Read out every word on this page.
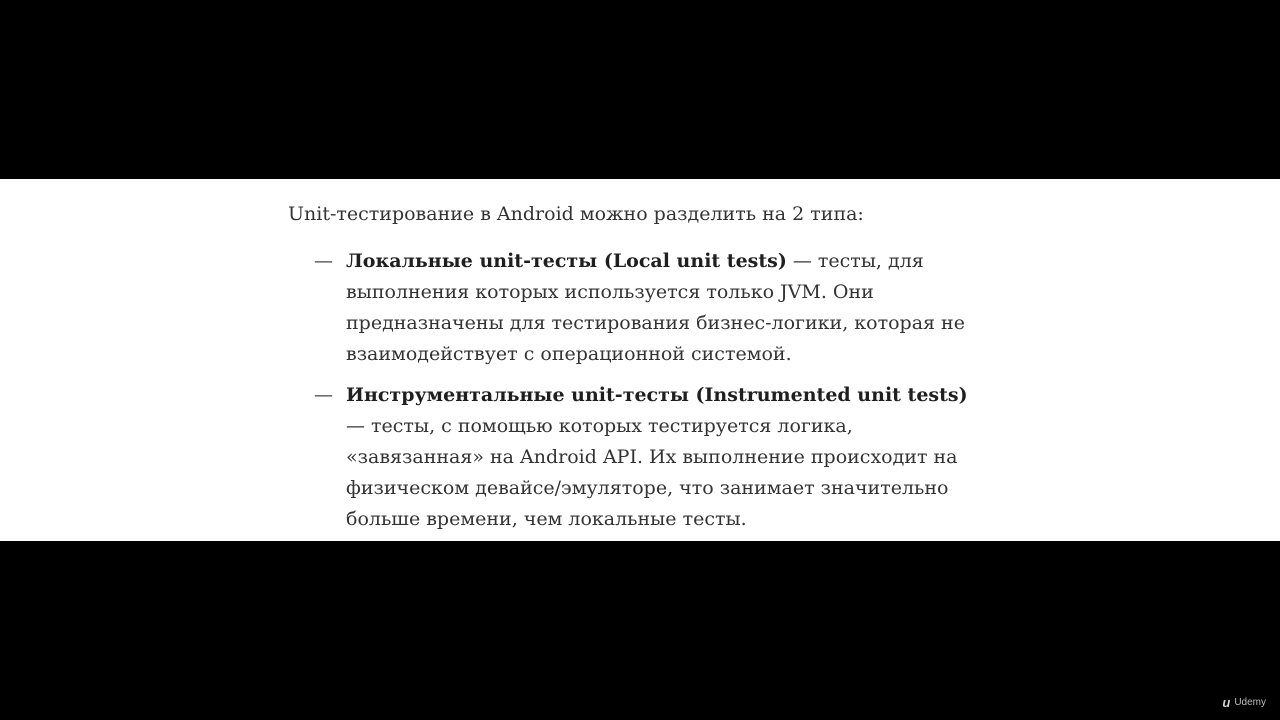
Unit-тестирование в Android можно разделить на 2 типа:

— Локальные unit-тесты (Local unit tests) — тесты, для выполнения которых используется только JVM. Они предназначены для тестирования бизнес-логики, которая не взаимодействует с операционной системой.
— Инструментальные unit-тесты (Instrumented unit tests) — тесты, с помощью которых тестируется логика, «завязанная» на Android API. Их выполнение происходит на физическом девайсе/эмуляторе, что занимает значительно больше времени, чем локальные тесты.
u Udemy
